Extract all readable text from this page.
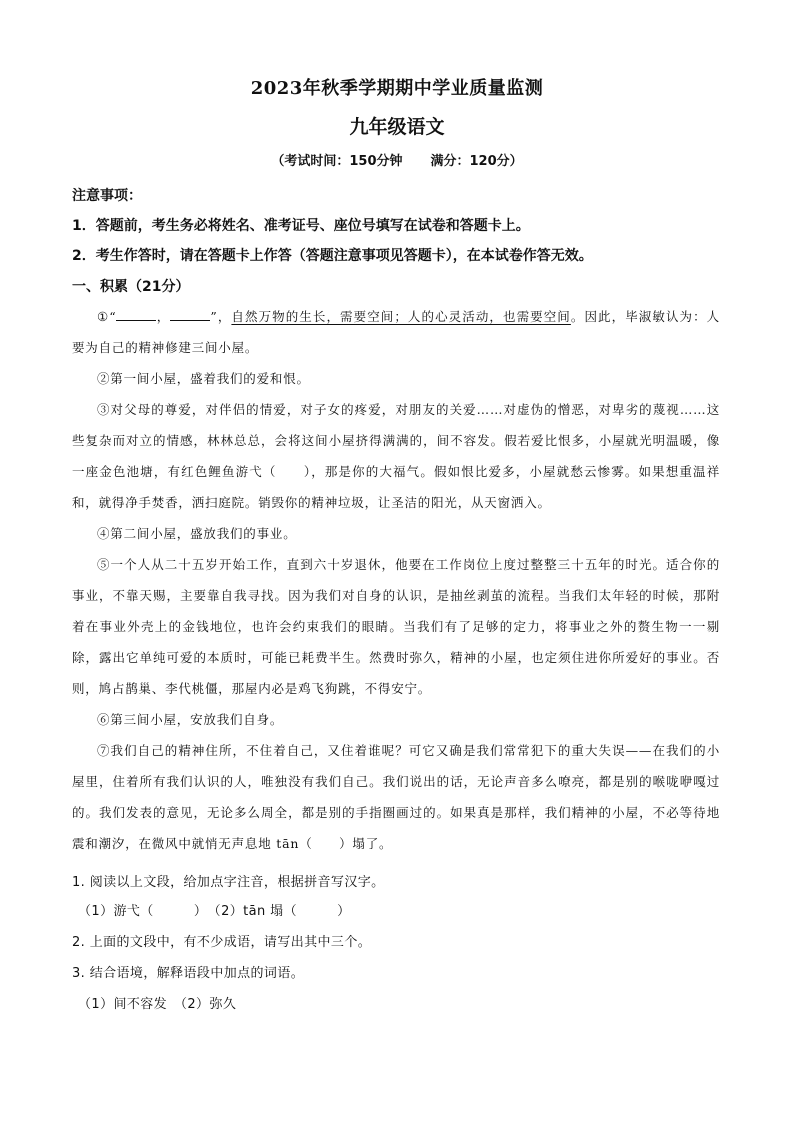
2023年秋季学期期中学业质量监测
九年级语文
（考试时间：150分钟 满分：120分）
注意事项：
1．答题前，考生务必将姓名、准考证号、座位号填写在试卷和答题卡上。
2．考生作答时，请在答题卡上作答（答题注意事项见答题卡），在本试卷作答无效。
一、积累（21分）
①“	，	”，自然万物的生长，需要空间；人的心灵活动，也需要空间。因此，毕淑敏认为：人要为自己的精神修建三间小屋。
②第一间小屋，盛着我们的爱和恨。
③对父母的尊爱，对伴侣的情爱，对子女的疼爱，对朋友的关爱……对虚伪的憎恶，对卑劣的蔑视……这些复杂而对立的情感，林林总总，会将这间小屋挤得满满的，间不容发。假若爱比恨多，小屋就光明温暖，像一座金色池塘，有红色鲤鱼游弋（　　），那是你的大福气。假如恨比爱多，小屋就愁云惨雾。如果想重温祥和，就得净手焚香，洒扫庭院。销毁你的精神垃圾，让圣洁的阳光，从天窗洒入。
④第二间小屋，盛放我们的事业。
⑤一个人从二十五岁开始工作，直到六十岁退休，他要在工作岗位上度过整整三十五年的时光。适合你的事业，不靠天赐，主要靠自我寻找。因为我们对自身的认识，是抽丝剥茧的流程。当我们太年轻的时候，那附着在事业外壳上的金钱地位，也许会约束我们的眼睛。当我们有了足够的定力，将事业之外的赘生物一一剔除，露出它单纯可爱的本质时，可能已耗费半生。然费时弥久，精神的小屋，也定须住进你所爱好的事业。否则，鸠占鹊巢、李代桃僵，那屋内必是鸡飞狗跳，不得安宁。
⑥第三间小屋，安放我们自身。
⑦我们自己的精神住所，不住着自己，又住着谁呢？可它又确是我们常常犯下的重大失误——在我们的小屋里，住着所有我们认识的人，唯独没有我们自己。我们说出的话，无论声音多么嘹亮，都是别的喉咙咿嘎过的。我们发表的意见，无论多么周全，都是别的手指圈画过的。如果真是那样，我们精神的小屋，不必等待地震和潮汐，在微风中就悄无声息地 tān（　　）塌了。
1. 阅读以上文段，给加点字注音，根据拼音写汉字。
（1）游弋（　　　）　（2）tān 塌（　　　）
2. 上面的文段中，有不少成语，请写出其中三个。
3. 结合语境，解释语段中加点的词语。
（1）间不容发　（2）弥久
